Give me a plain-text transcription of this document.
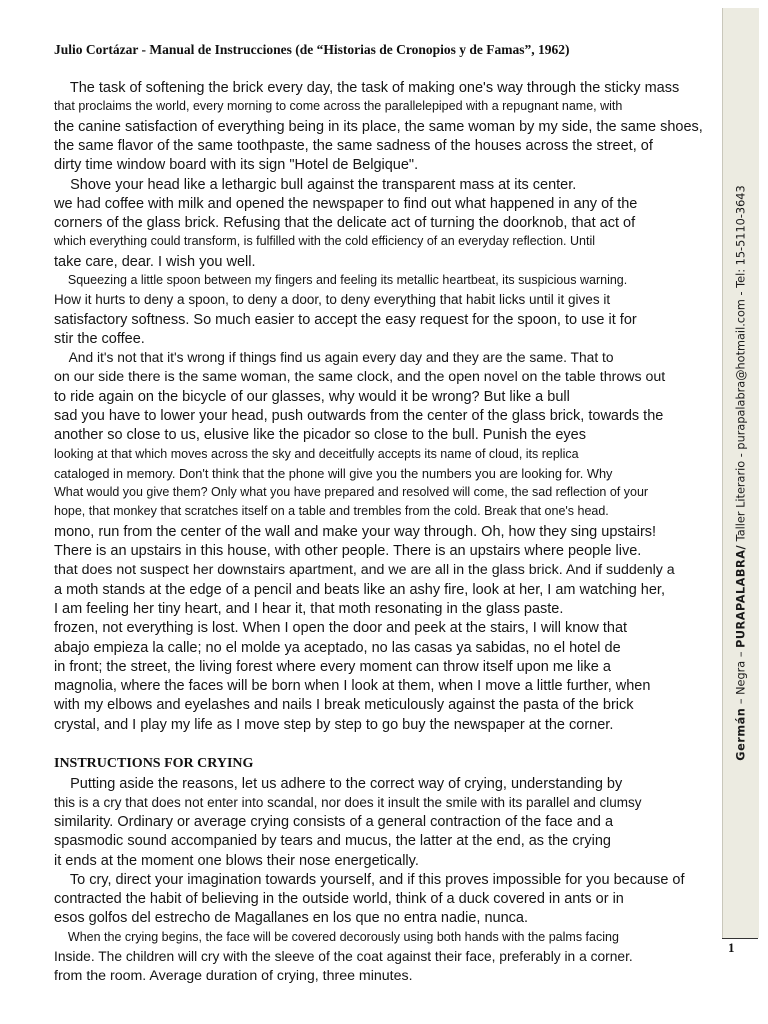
Julio Cortázar - Manual de Instrucciones (de “Historias de Cronopios y de Famas”, 1962)
The task of softening the brick every day, the task of making one's way through the sticky mass
that proclaims the world, every morning to come across the parallelepiped with a repugnant name, with
the canine satisfaction of everything being in its place, the same woman by my side, the same shoes,
the same flavor of the same toothpaste, the same sadness of the houses across the street, of
dirty time window board with its sign "Hotel de Belgique".
Shove your head like a lethargic bull against the transparent mass at its center.
we had coffee with milk and opened the newspaper to find out what happened in any of the
corners of the glass brick. Refusing that the delicate act of turning the doorknob, that act of
which everything could transform, is fulfilled with the cold efficiency of an everyday reflection. Until
take care, dear. I wish you well.
Squeezing a little spoon between my fingers and feeling its metallic heartbeat, its suspicious warning.
How it hurts to deny a spoon, to deny a door, to deny everything that habit licks until it gives it
satisfactory softness. So much easier to accept the easy request for the spoon, to use it for
stir the coffee.
And it's not that it's wrong if things find us again every day and they are the same. That to
on our side there is the same woman, the same clock, and the open novel on the table throws out
to ride again on the bicycle of our glasses, why would it be wrong? But like a bull
sad you have to lower your head, push outwards from the center of the glass brick, towards the
another so close to us, elusive like the picador so close to the bull. Punish the eyes
looking at that which moves across the sky and deceitfully accepts its name of cloud, its replica
cataloged in memory. Don't think that the phone will give you the numbers you are looking for. Why
What would you give them? Only what you have prepared and resolved will come, the sad reflection of your
hope, that monkey that scratches itself on a table and trembles from the cold. Break that one's head.
mono, run from the center of the wall and make your way through. Oh, how they sing upstairs!
There is an upstairs in this house, with other people. There is an upstairs where people live.
that does not suspect her downstairs apartment, and we are all in the glass brick. And if suddenly a
a moth stands at the edge of a pencil and beats like an ashy fire, look at her, I am watching her,
I am feeling her tiny heart, and I hear it, that moth resonating in the glass paste.
frozen, not everything is lost. When I open the door and peek at the stairs, I will know that
abajo empieza la calle; no el molde ya aceptado, no las casas ya sabidas, no el hotel de
in front; the street, the living forest where every moment can throw itself upon me like a
magnolia, where the faces will be born when I look at them, when I move a little further, when
with my elbows and eyelashes and nails I break meticulously against the pasta of the brick
crystal, and I play my life as I move step by step to go buy the newspaper at the corner.
Putting aside the reasons, let us adhere to the correct way of crying, understanding by
this is a cry that does not enter into scandal, nor does it insult the smile with its parallel and clumsy
similarity. Ordinary or average crying consists of a general contraction of the face and a
spasmodic sound accompanied by tears and mucus, the latter at the end, as the crying
it ends at the moment one blows their nose energetically.
To cry, direct your imagination towards yourself, and if this proves impossible for you because of
contracted the habit of believing in the outside world, think of a duck covered in ants or in
esos golfos del estrecho de Magallanes en los que no entra nadie, nunca.
When the crying begins, the face will be covered decorously using both hands with the palms facing
Inside. The children will cry with the sleeve of the coat against their face, preferably in a corner.
from the room. Average duration of crying, three minutes.
INSTRUCTIONS FOR CRYING
Germán – Negra – PURAPALABRA/ Taller Literario - purapalabra@hotmail.com - Tel: 15-5110-3643
1
